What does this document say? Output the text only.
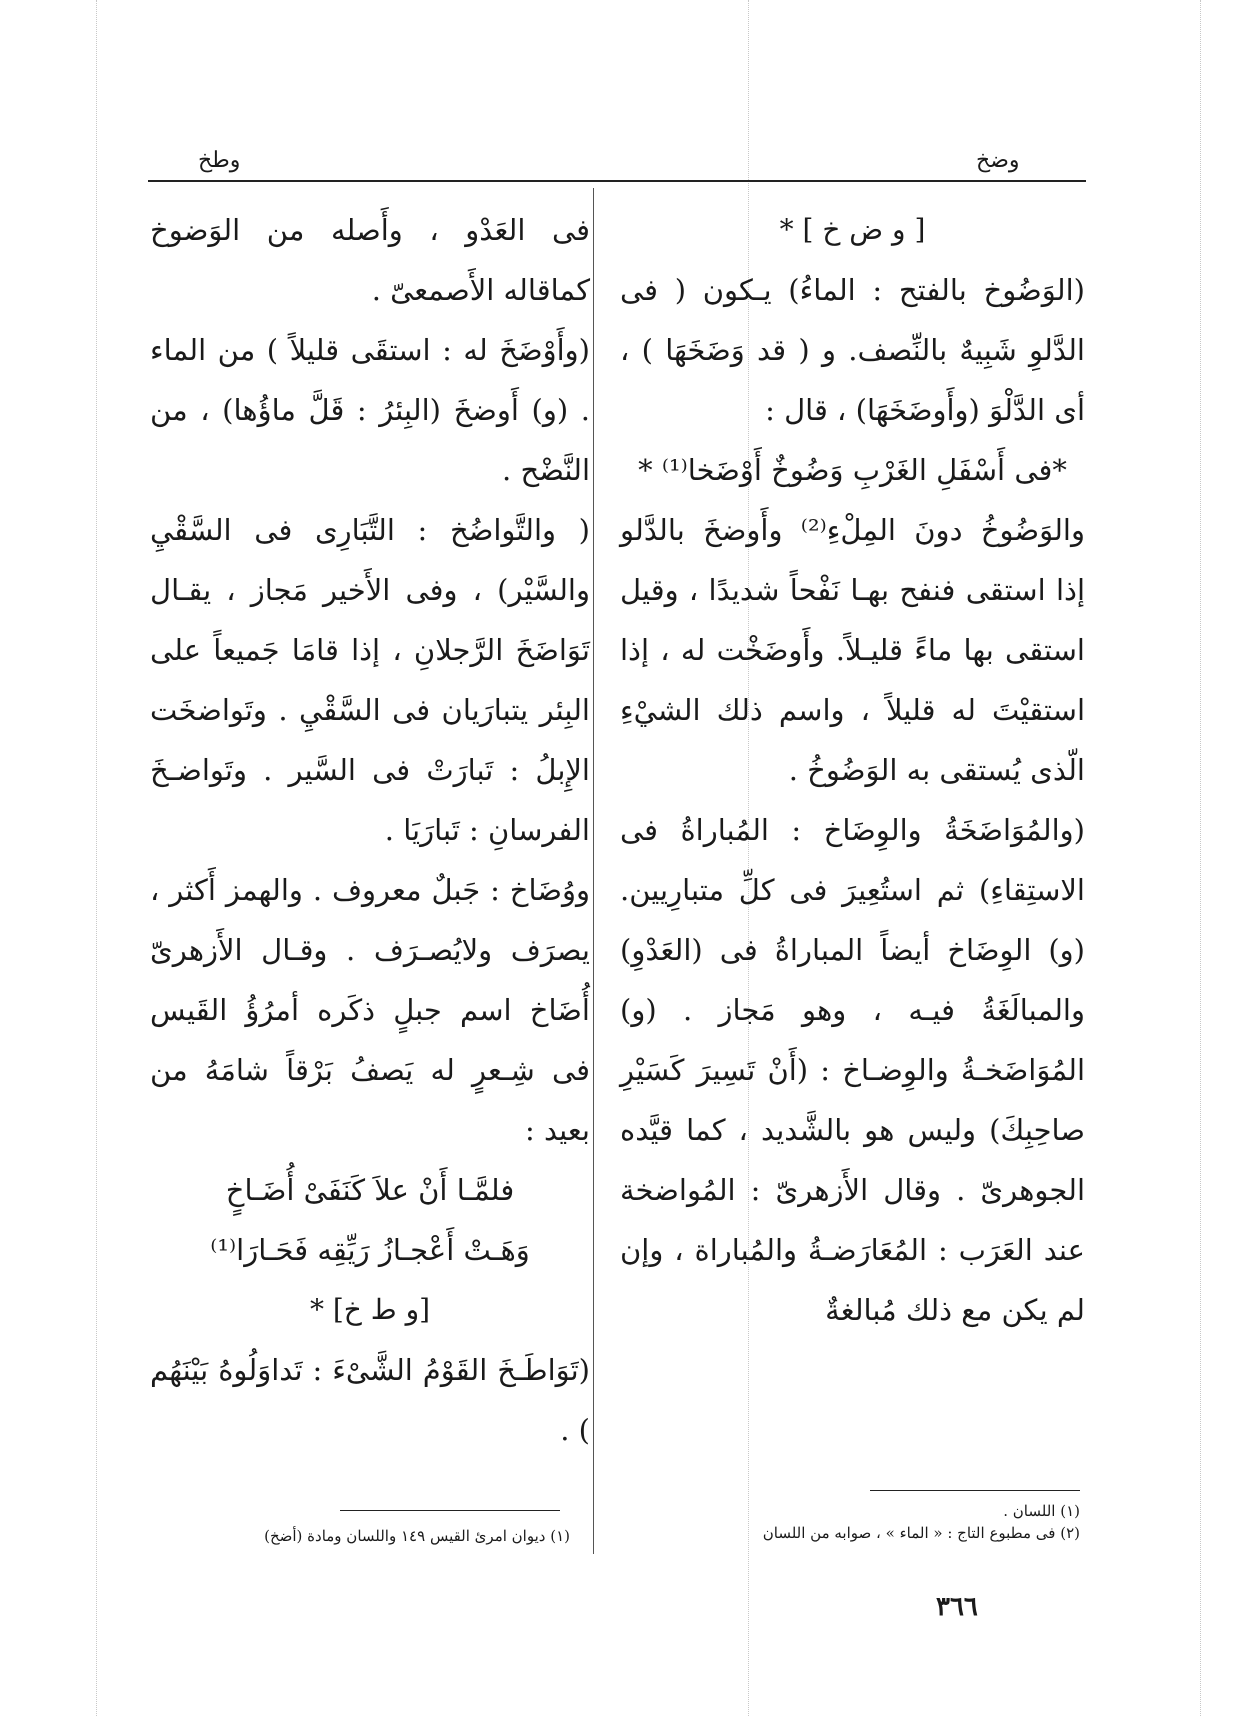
وطخ	وضخ

[ و ض خ ] *

(الوَضُوخ بالفتح : الماءُ) يـكون ( فى الدَّلوِ شَبِيهٌ بالنِّصف. و ( قد وَضَخَهَا ) ، أى الدَّلْوَ (وأَوضَخَهَا) ، قال :

*فى أَسْفَلِ الغَرْبِ وَضُوخٌ أَوْضَخا⁽¹⁾ *

والوَضُوخُ دونَ المِلْءِ⁽²⁾ وأَوضخَ بالدَّلو إذا استقى فنفح بهـا نَفْحاً شديدًا ، وقيل استقى بها ماءً قليـلاً. وأَوضَخْت له ، إذا استقيْتَ له قليلاً ، واسم ذلك الشيْءِ الّذى يُستقى به الوَضُوخُ .

(والمُوَاضَخَةُ والوِضَاخ : المُباراةُ فى الاستِقاءِ) ثم استُعِيرَ فى كلِّ متبارِيين. (و) الوِضَاخ أيضاً المباراةُ فى (العَدْوِ) والمبالَغَةُ فيـه ، وهو مَجاز . (و) المُوَاضَخـةُ والوِضـاخ : (أَنْ تَسِيرَ كَسَيْرِ صاحِبِكَ) وليس هو بالشَّديد ، كما قيَّده الجوهرىّ . وقال الأَزهرىّ : المُواضخة عند العَرَب : المُعَارَضـةُ والمُباراة ، وإن لم يكن مع ذلك مُبالغةٌ

فى العَدْو ، وأَصله من الوَضوخ كماقاله الأَصمعىّ .

(وأَوْضَخَ له : استقَى قليلاً ) من الماء . (و) أَوضخَ (البِئرُ : قَلَّ ماؤُها) ، من النَّضْح .

( والتَّواضُخ : التَّبَارِى فى السَّقْيِ والسَّيْر) ، وفى الأَخير مَجاز ، يقـال تَوَاضَخَ الرَّجلانِ ، إذا قامَا جَميعاً على البِئر يتبارَيان فى السَّقْيِ . وتَواضخَت الإِبلُ : تَبارَتْ فى السَّير . وتَواضـخَ الفرسانِ : تَبارَيَا .

ووُضَاخ : جَبلٌ معروف . والهمز أَكثر ، يصرَف ولايُصـرَف . وقـال الأَزهرىّ أُضَاخ اسم جبلٍ ذكَره أمرُؤُ القَيس فى شِـعرٍ له يَصفُ بَرْقاً شامَهُ من بعيد :

فلمَّـا أَنْ علاَ كَنَفَىْ أُضَـاخٍ

وَهَـتْ أَعْجـازُ رَيِّقِه فَحَـارَا⁽¹⁾

[و ط خ] *

(تَوَاطَـخَ القَوْمُ الشَّىْءَ : تَداوَلُوهُ بَيْنَهُم ) .

(١) اللسان .
(٢) فى مطبوع التاج : « الماء » ، صوابه من اللسان
(١) ديوان امرئ القيس ١٤٩ واللسان ومادة (أضخ)
٣٦٦
